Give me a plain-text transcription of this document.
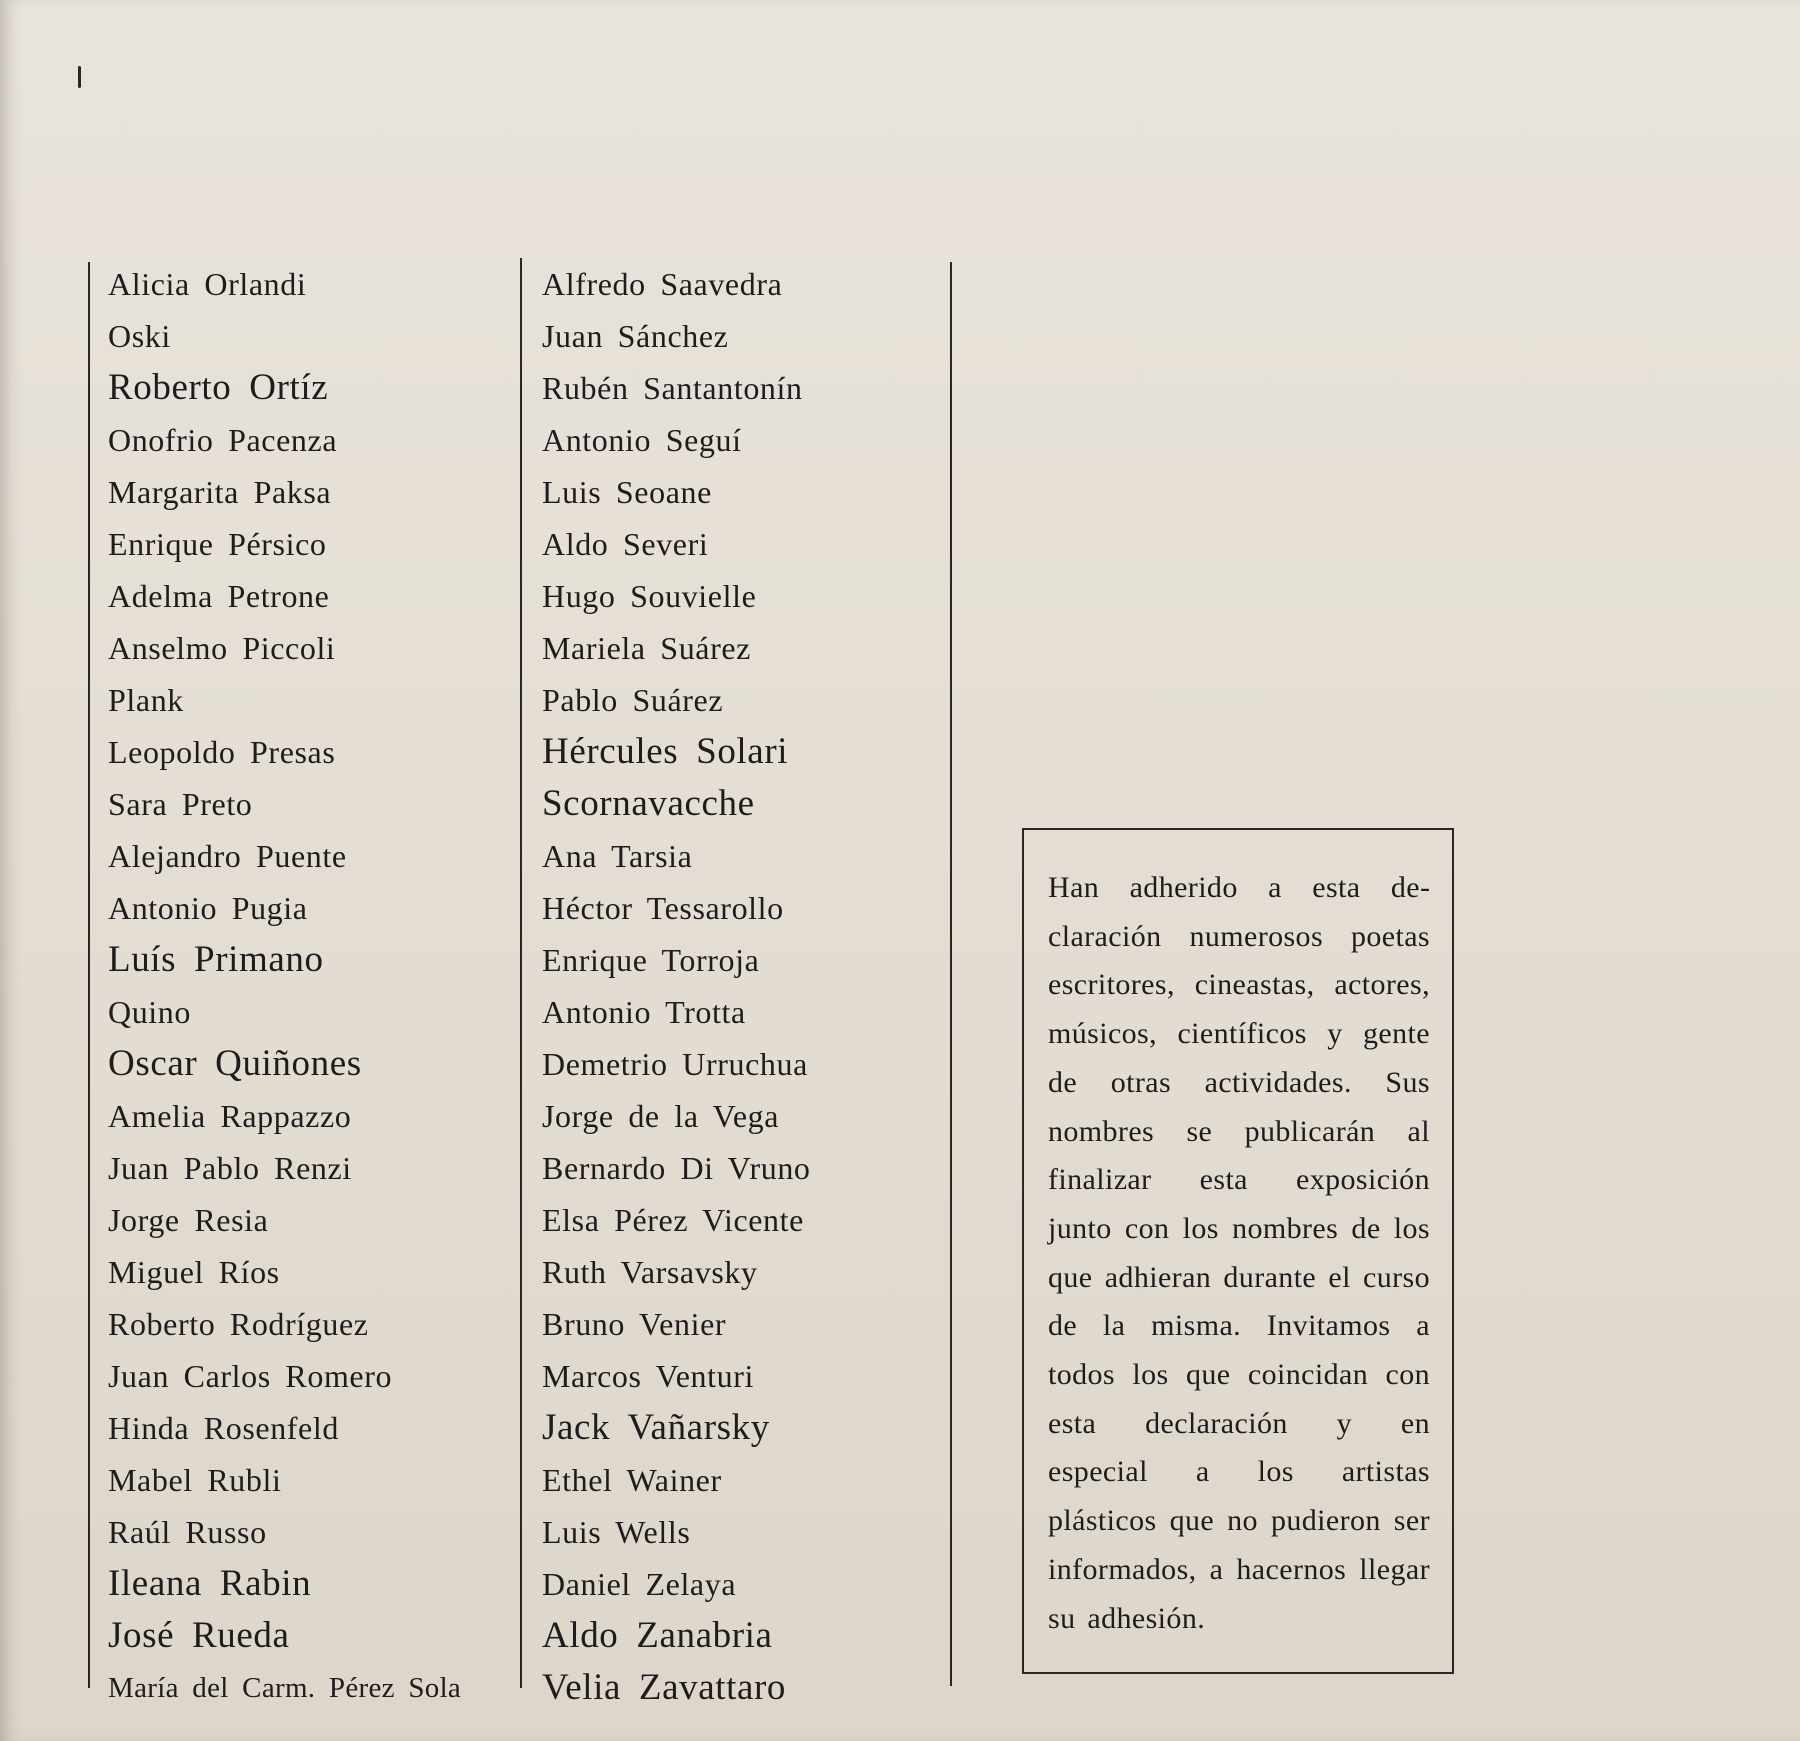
Alicia Orlandi
Oski
Roberto Ortíz
Onofrio Pacenza
Margarita Paksa
Enrique Pérsico
Adelma Petrone
Anselmo Piccoli
Plank
Leopoldo Presas
Sara Preto
Alejandro Puente
Antonio Pugia
Luís Primano
Quino
Oscar Quiñones
Amelia Rappazzo
Juan Pablo Renzi
Jorge Resia
Miguel Ríos
Roberto Rodríguez
Juan Carlos Romero
Hinda Rosenfeld
Mabel Rubli
Raúl Russo
Ileana Rabin
José Rueda
María del Carm. Pérez Sola
Alfredo Saavedra
Juan Sánchez
Rubén Santantonín
Antonio Seguí
Luis Seoane
Aldo Severi
Hugo Souvielle
Mariela Suárez
Pablo Suárez
Hércules Solari
Scornavacche
Ana Tarsia
Héctor Tessarollo
Enrique Torroja
Antonio Trotta
Demetrio Urruchua
Jorge de la Vega
Bernardo Di Vruno
Elsa Pérez Vicente
Ruth Varsavsky
Bruno Venier
Marcos Venturi
Jack Vañarsky
Ethel Wainer
Luis Wells
Daniel Zelaya
Aldo Zanabria
Velia Zavattaro

Han adherido a esta declaración numerosos poetas escritores, cineastas, actores, músicos, científicos y gente de otras actividades. Sus nombres se publicarán al finalizar esta exposición junto con los nombres de los que adhieran durante el curso de la misma. Invitamos a todos los que coincidan con esta declaración y en especial a los artistas plásticos que no pudieron ser informados, a hacernos llegar su adhesión.
